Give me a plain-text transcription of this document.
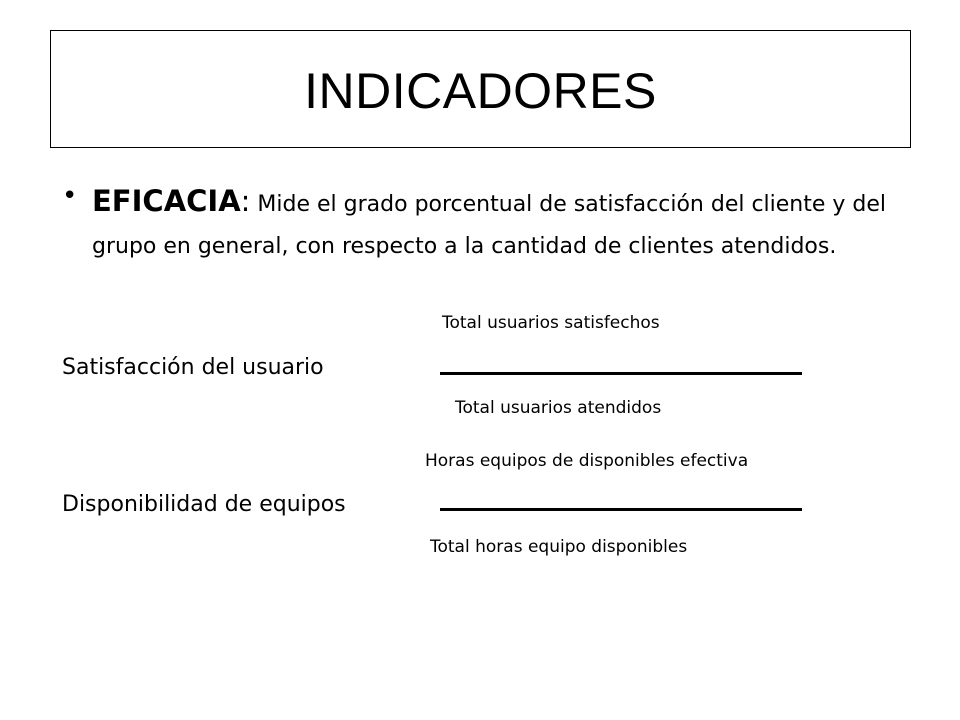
INDICADORES
• EFICACIA: Mide el grado porcentual de satisfacción del cliente y del grupo en general, con respecto a la cantidad de clientes atendidos.
Total usuarios satisfechos
Satisfacción del usuario
Total usuarios atendidos
Horas equipos de disponibles efectiva
Disponibilidad de equipos
Total horas equipo disponibles
